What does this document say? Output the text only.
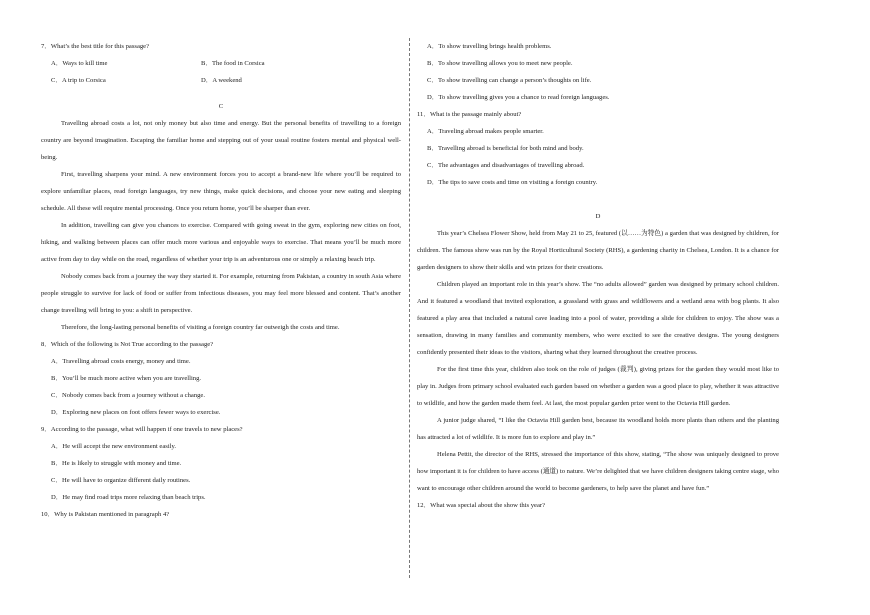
7．What’s the best title for this passage?
A．Ways to kill time	B．The food in Corsica
C．A trip to Corsica	D．A weekend
C
Travelling abroad costs a lot, not only money but also time and energy. But the personal benefits of travelling to a foreign country are beyond imagination. Escaping the familiar home and stepping out of your usual routine fosters mental and physical well-being.
First, travelling sharpens your mind. A new environment forces you to accept a brand-new life where you’ll be required to explore unfamiliar places, read foreign languages, try new things, make quick decisions, and choose your new eating and sleeping schedule. All these will require mental processing. Once you return home, you’ll be sharper than ever.
In addition, travelling can give you chances to exercise. Compared with going sweat in the gym, exploring new cities on foot, hiking, and walking between places can offer much more various and enjoyable ways to exercise. That means you’ll be much more active from day to day while on the road, regardless of whether your trip is an adventurous one or simply a relaxing beach trip.
Nobody comes back from a journey the way they started it. For example, returning from Pakistan, a country in south Asia where people struggle to survive for lack of food or suffer from infectious diseases, you may feel more blessed and content. That’s another change travelling will bring to you: a shift in perspective.
Therefore, the long-lasting personal benefits of visiting a foreign country far outweigh the costs and time.
8．Which of the following is Not True according to the passage?
A．Travelling abroad costs energy, money and time.
B．You’ll be much more active when you are travelling.
C．Nobody comes back from a journey without a change.
D．Exploring new places on foot offers fewer ways to exercise.
9．According to the passage, what will happen if one travels to new places?
A．He will accept the new environment easily.
B．He is likely to struggle with money and time.
C．He will have to organize different daily routines.
D．He may find road trips more relaxing than beach trips.
10．Why is Pakistan mentioned in paragraph 4?
A．To show travelling brings health problems.
B．To show travelling allows you to meet new people.
C．To show travelling can change a person’s thoughts on life.
D．To show travelling gives you a chance to read foreign languages.
11．What is the passage mainly about?
A．Traveling abroad makes people smarter.
B．Travelling abroad is beneficial for both mind and body.
C．The advantages and disadvantages of travelling abroad.
D．The tips to save costs and time on visiting a foreign country.
D
This year’s Chelsea Flower Show, held from May 21 to 25, featured (以……为特色) a garden that was designed by children, for children. The famous show was run by the Royal Horticultural Society (RHS), a gardening charity in Chelsea, London. It is a chance for garden designers to show their skills and win prizes for their creations.
Children played an important role in this year’s show. The “no adults allowed” garden was designed by primary school children. And it featured a woodland that invited exploration, a grassland with grass and wildflowers and a wetland area with bog plants. It also featured a play area that included a natural cave leading into a pool of water, providing a slide for children to enjoy. The show was a sensation, drawing in many families and community members, who were excited to see the creative designs. The young designers confidently presented their ideas to the visitors, sharing what they learned throughout the creative process.
For the first time this year, children also took on the role of judges (裁判), giving prizes for the garden they would most like to play in. Judges from primary school evaluated each garden based on whether a garden was a good place to play, whether it was attractive to wildlife, and how the garden made them feel. At last, the most popular garden prize went to the Octavia Hill garden.
A junior judge shared, “I like the Octavia Hill garden best, because its woodland holds more plants than others and the planting has attracted a lot of wildlife. It is more fun to explore and play in.”
Helena Pettit, the director of the RHS, stressed the importance of this show, stating, “The show was uniquely designed to prove how important it is for children to have access (通道) to nature. We’re delighted that we have children designers taking centre stage, who want to encourage other children around the world to become gardeners, to help save the planet and have fun.”
12．What was special about the show this year?
